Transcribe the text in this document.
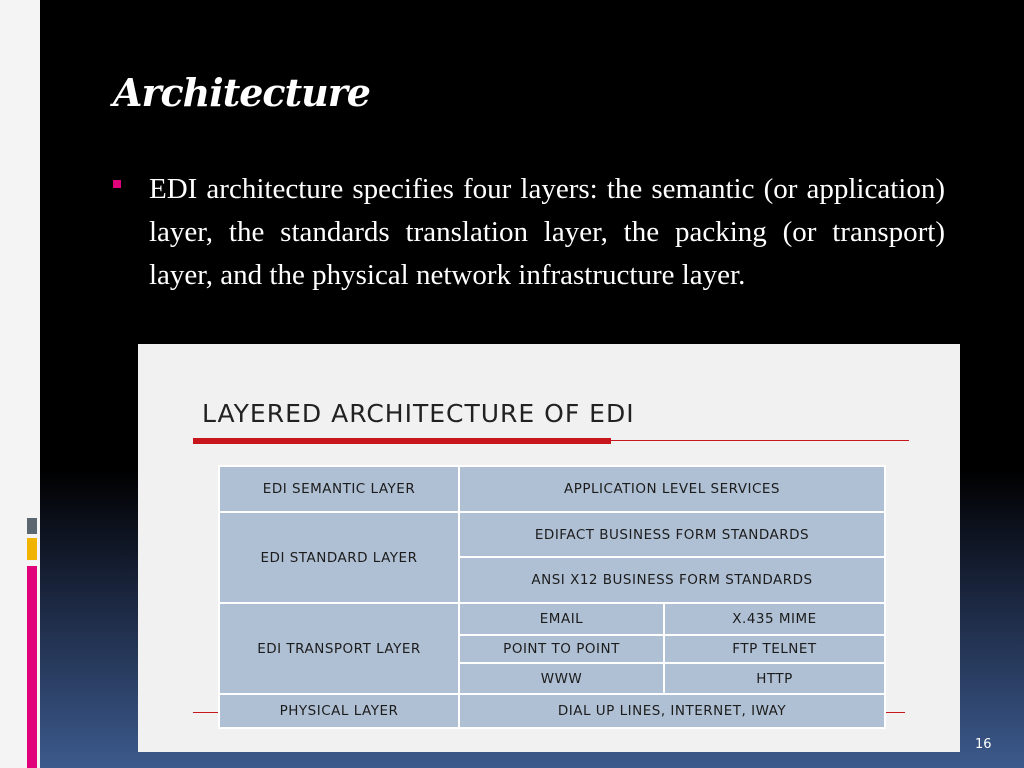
Architecture

EDI architecture specifies four layers: the semantic (or application) layer, the standards translation layer, the packing (or transport) layer, and the physical network infrastructure layer.

LAYERED ARCHITECTURE OF EDI

EDI SEMANTIC LAYER	APPLICATION LEVEL SERVICES	
EDI STANDARD LAYER	EDIFACT BUSINESS FORM STANDARDS	
	ANSI X12 BUSINESS FORM STANDARDS	
EDI TRANSPORT LAYER	EMAIL	X.435 MIME
	POINT TO POINT	FTP TELNET
	WWW	HTTP
PHYSICAL LAYER	DIAL UP LINES, INTERNET, IWAY	
16
